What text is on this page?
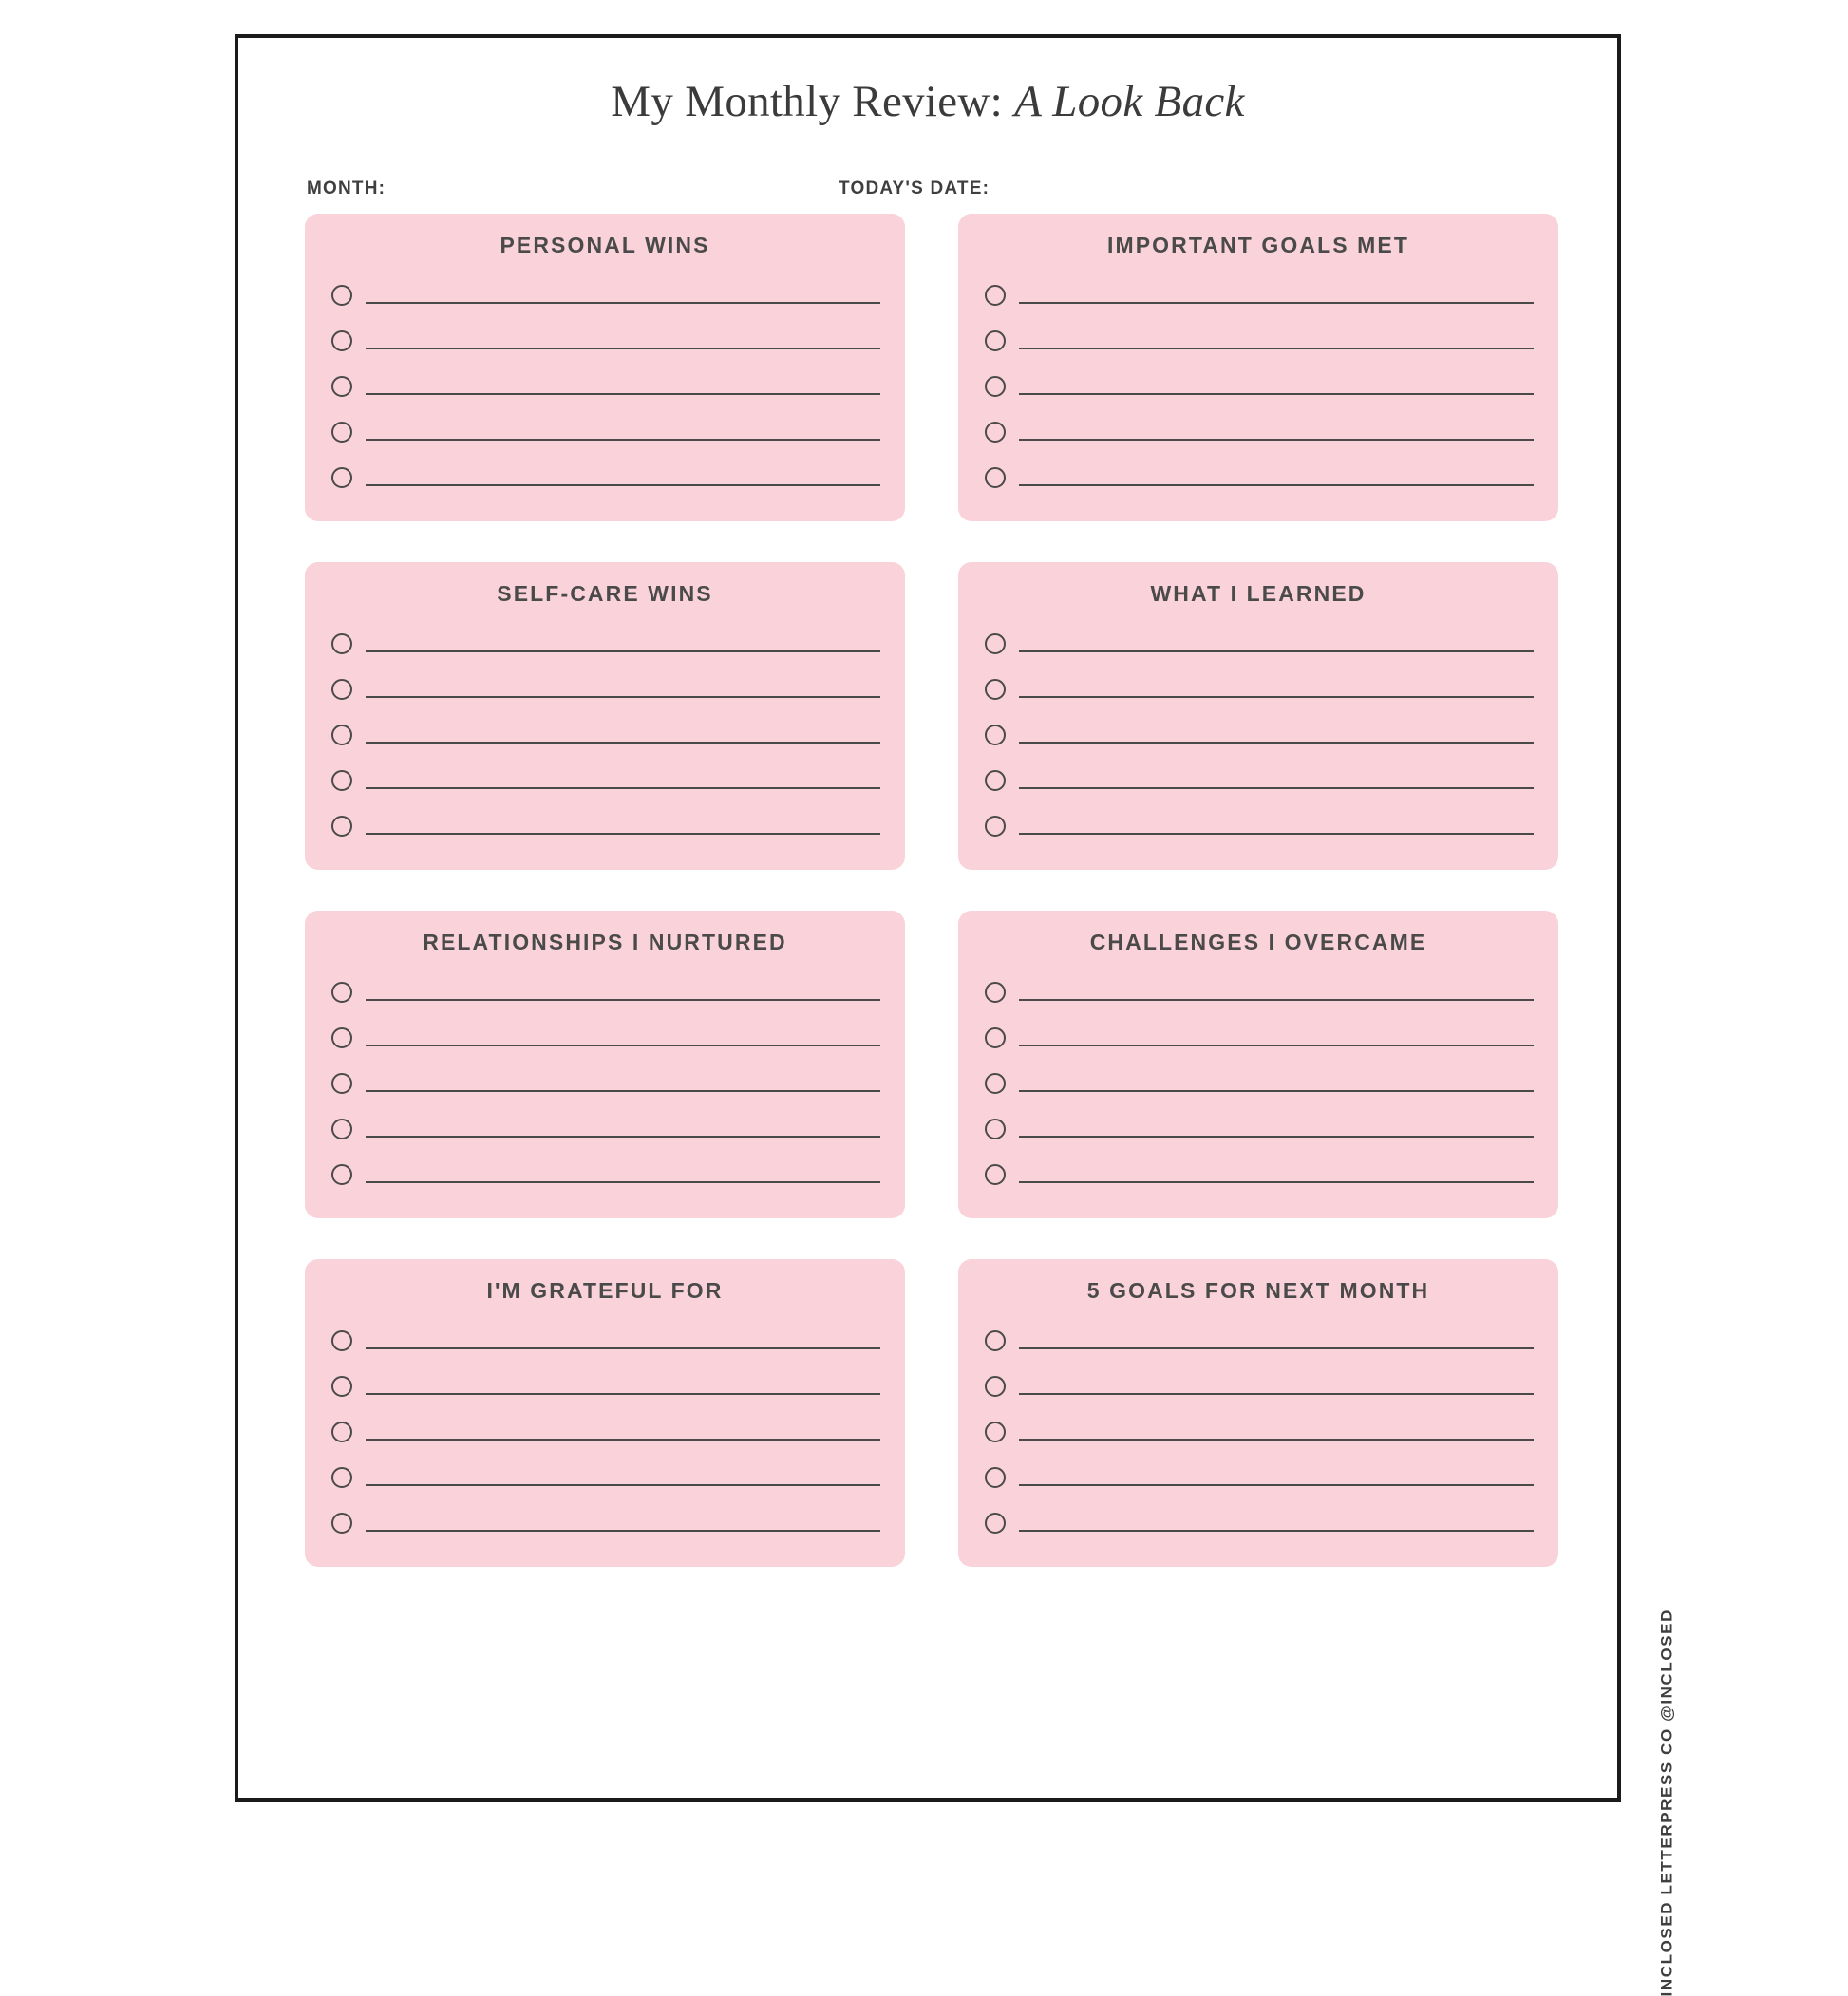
My Monthly Review: A Look Back
MONTH:	TODAY'S DATE:
PERSONAL WINS	IMPORTANT GOALS MET
SELF-CARE WINS	WHAT I LEARNED
RELATIONSHIPS I NURTURED	CHALLENGES I OVERCAME
I'M GRATEFUL FOR	5 GOALS FOR NEXT MONTH
INCLOSED LETTERPRESS CO @INCLOSED
